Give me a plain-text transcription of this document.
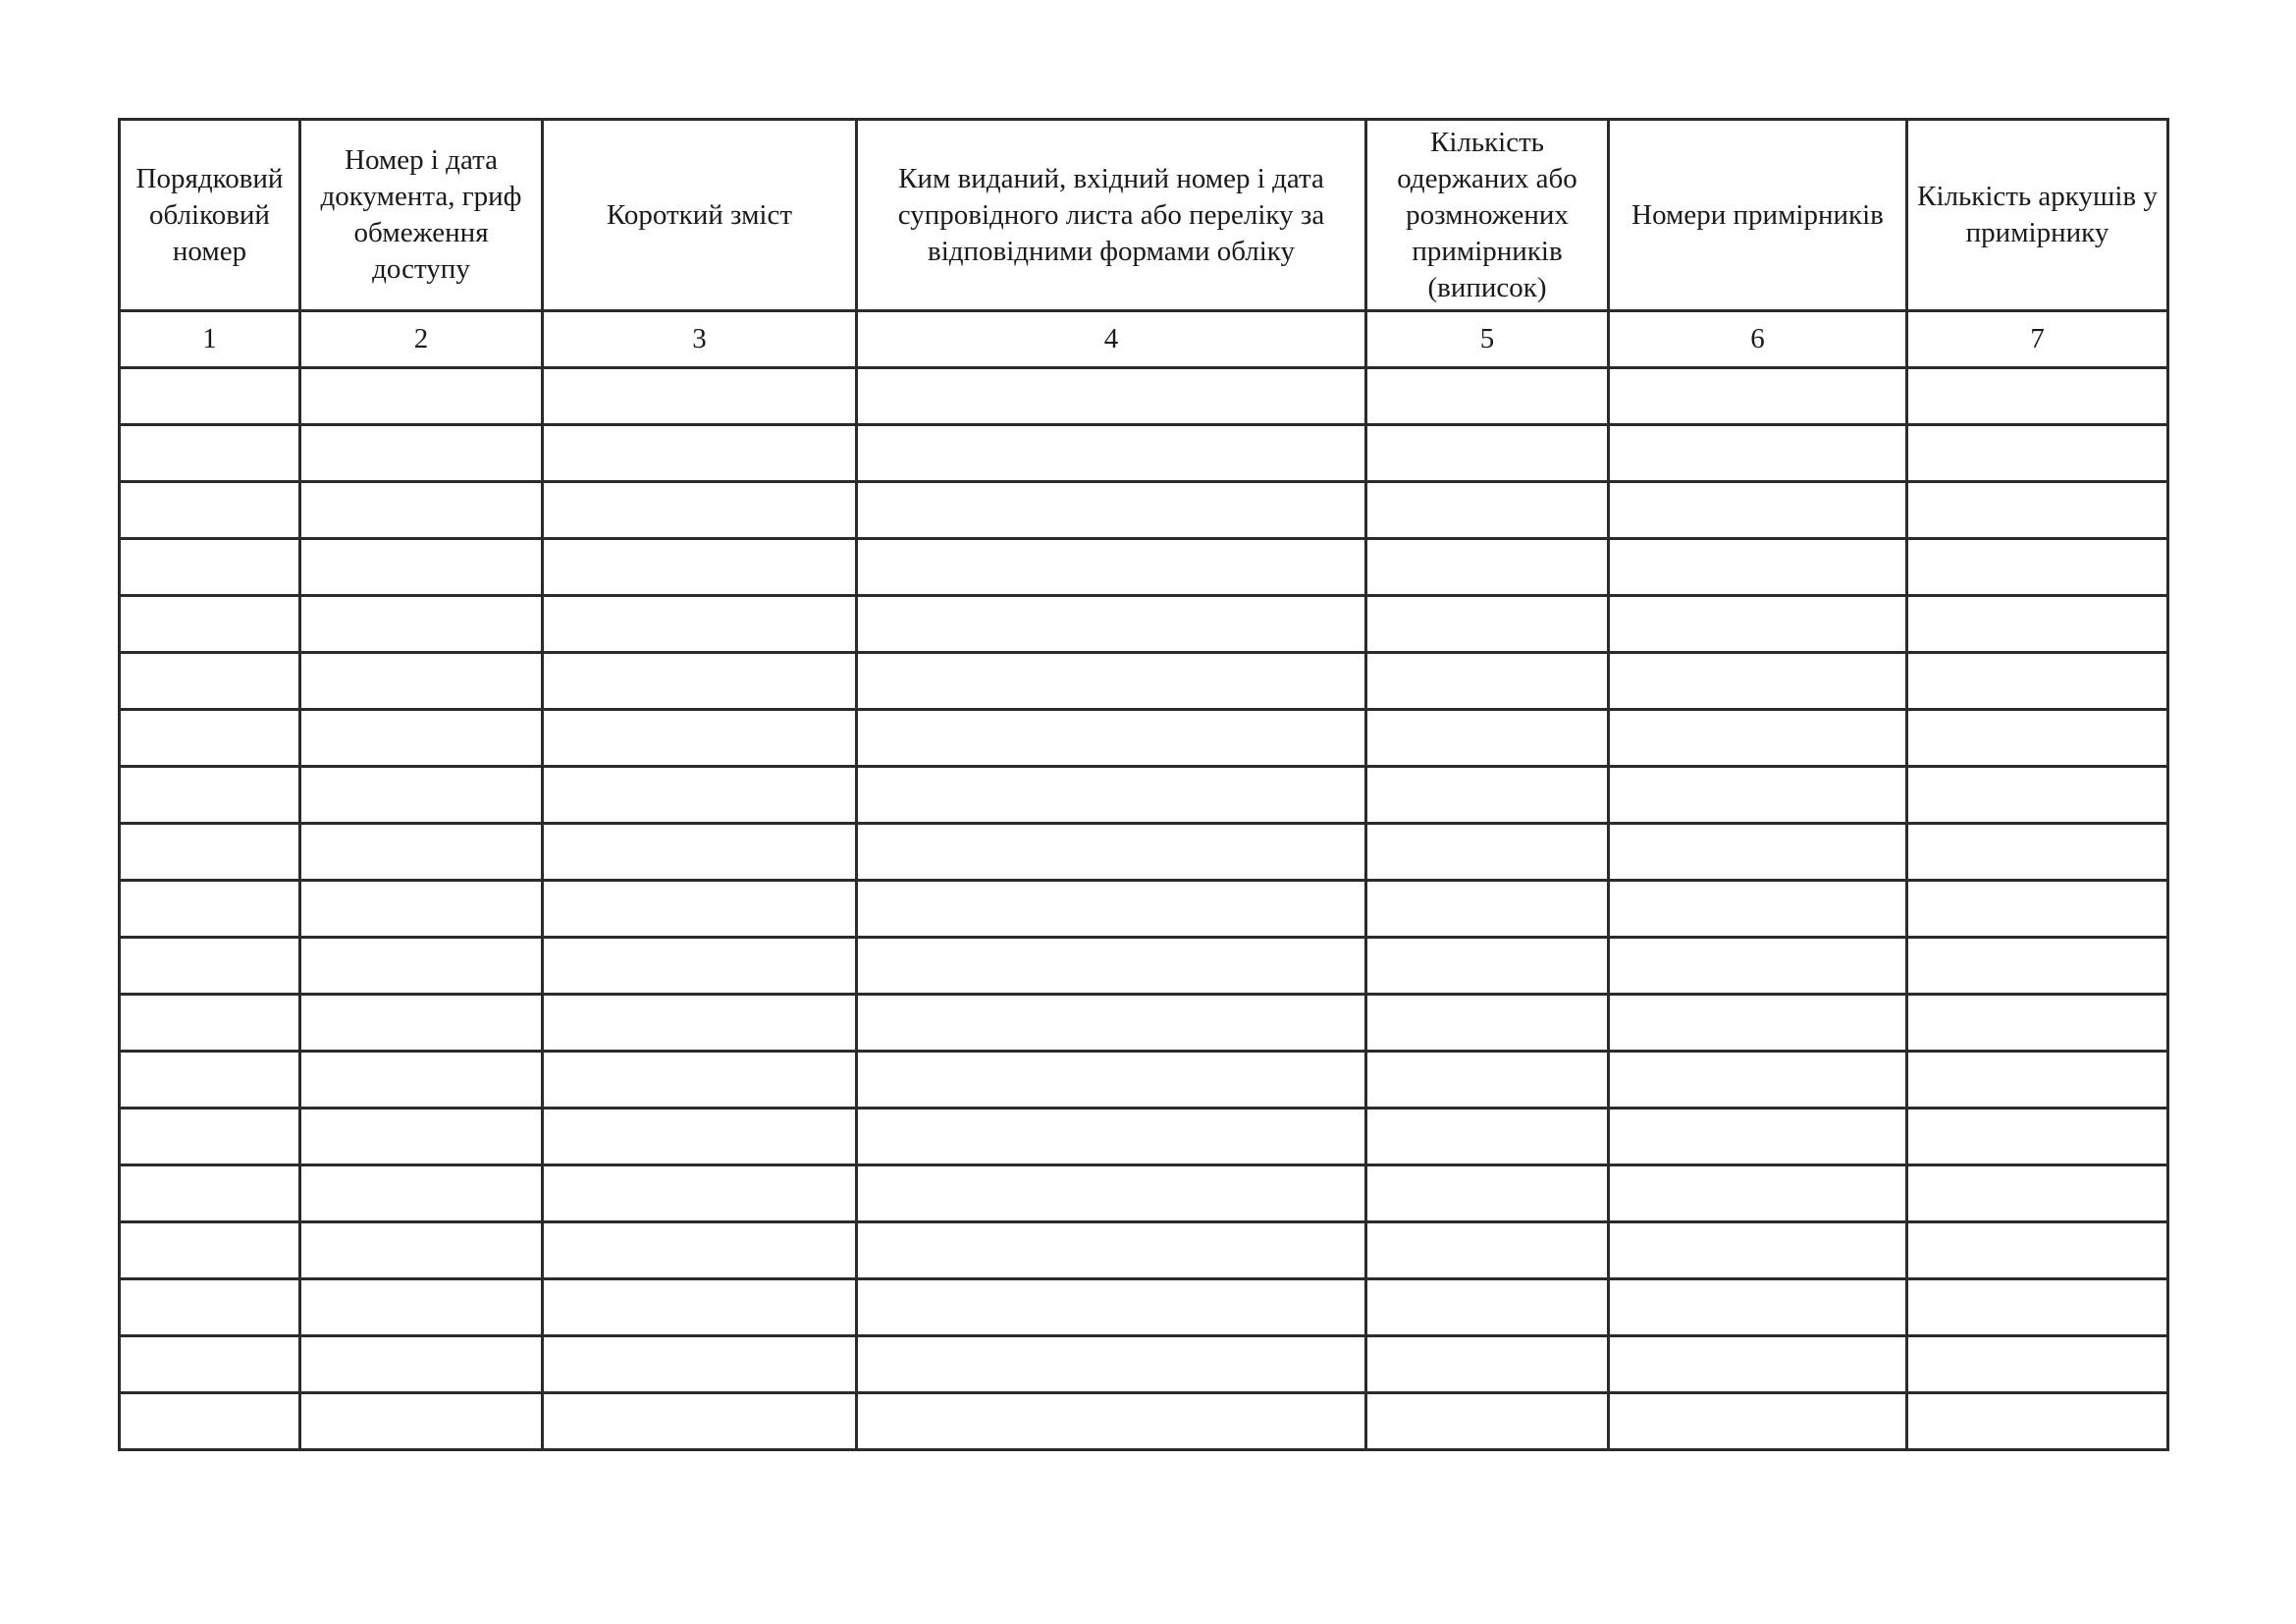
Порядковий обліковий номер	Номер і дата документа, гриф обмеження доступу	Короткий зміст	Ким виданий, вхідний номер і дата супровідного листа або переліку за відповідними формами обліку	Кількість одержаних або розмножених примірників (виписок)	Номери примірників	Кількість аркушів у примірнику
1	2	3	4	5	6	7
